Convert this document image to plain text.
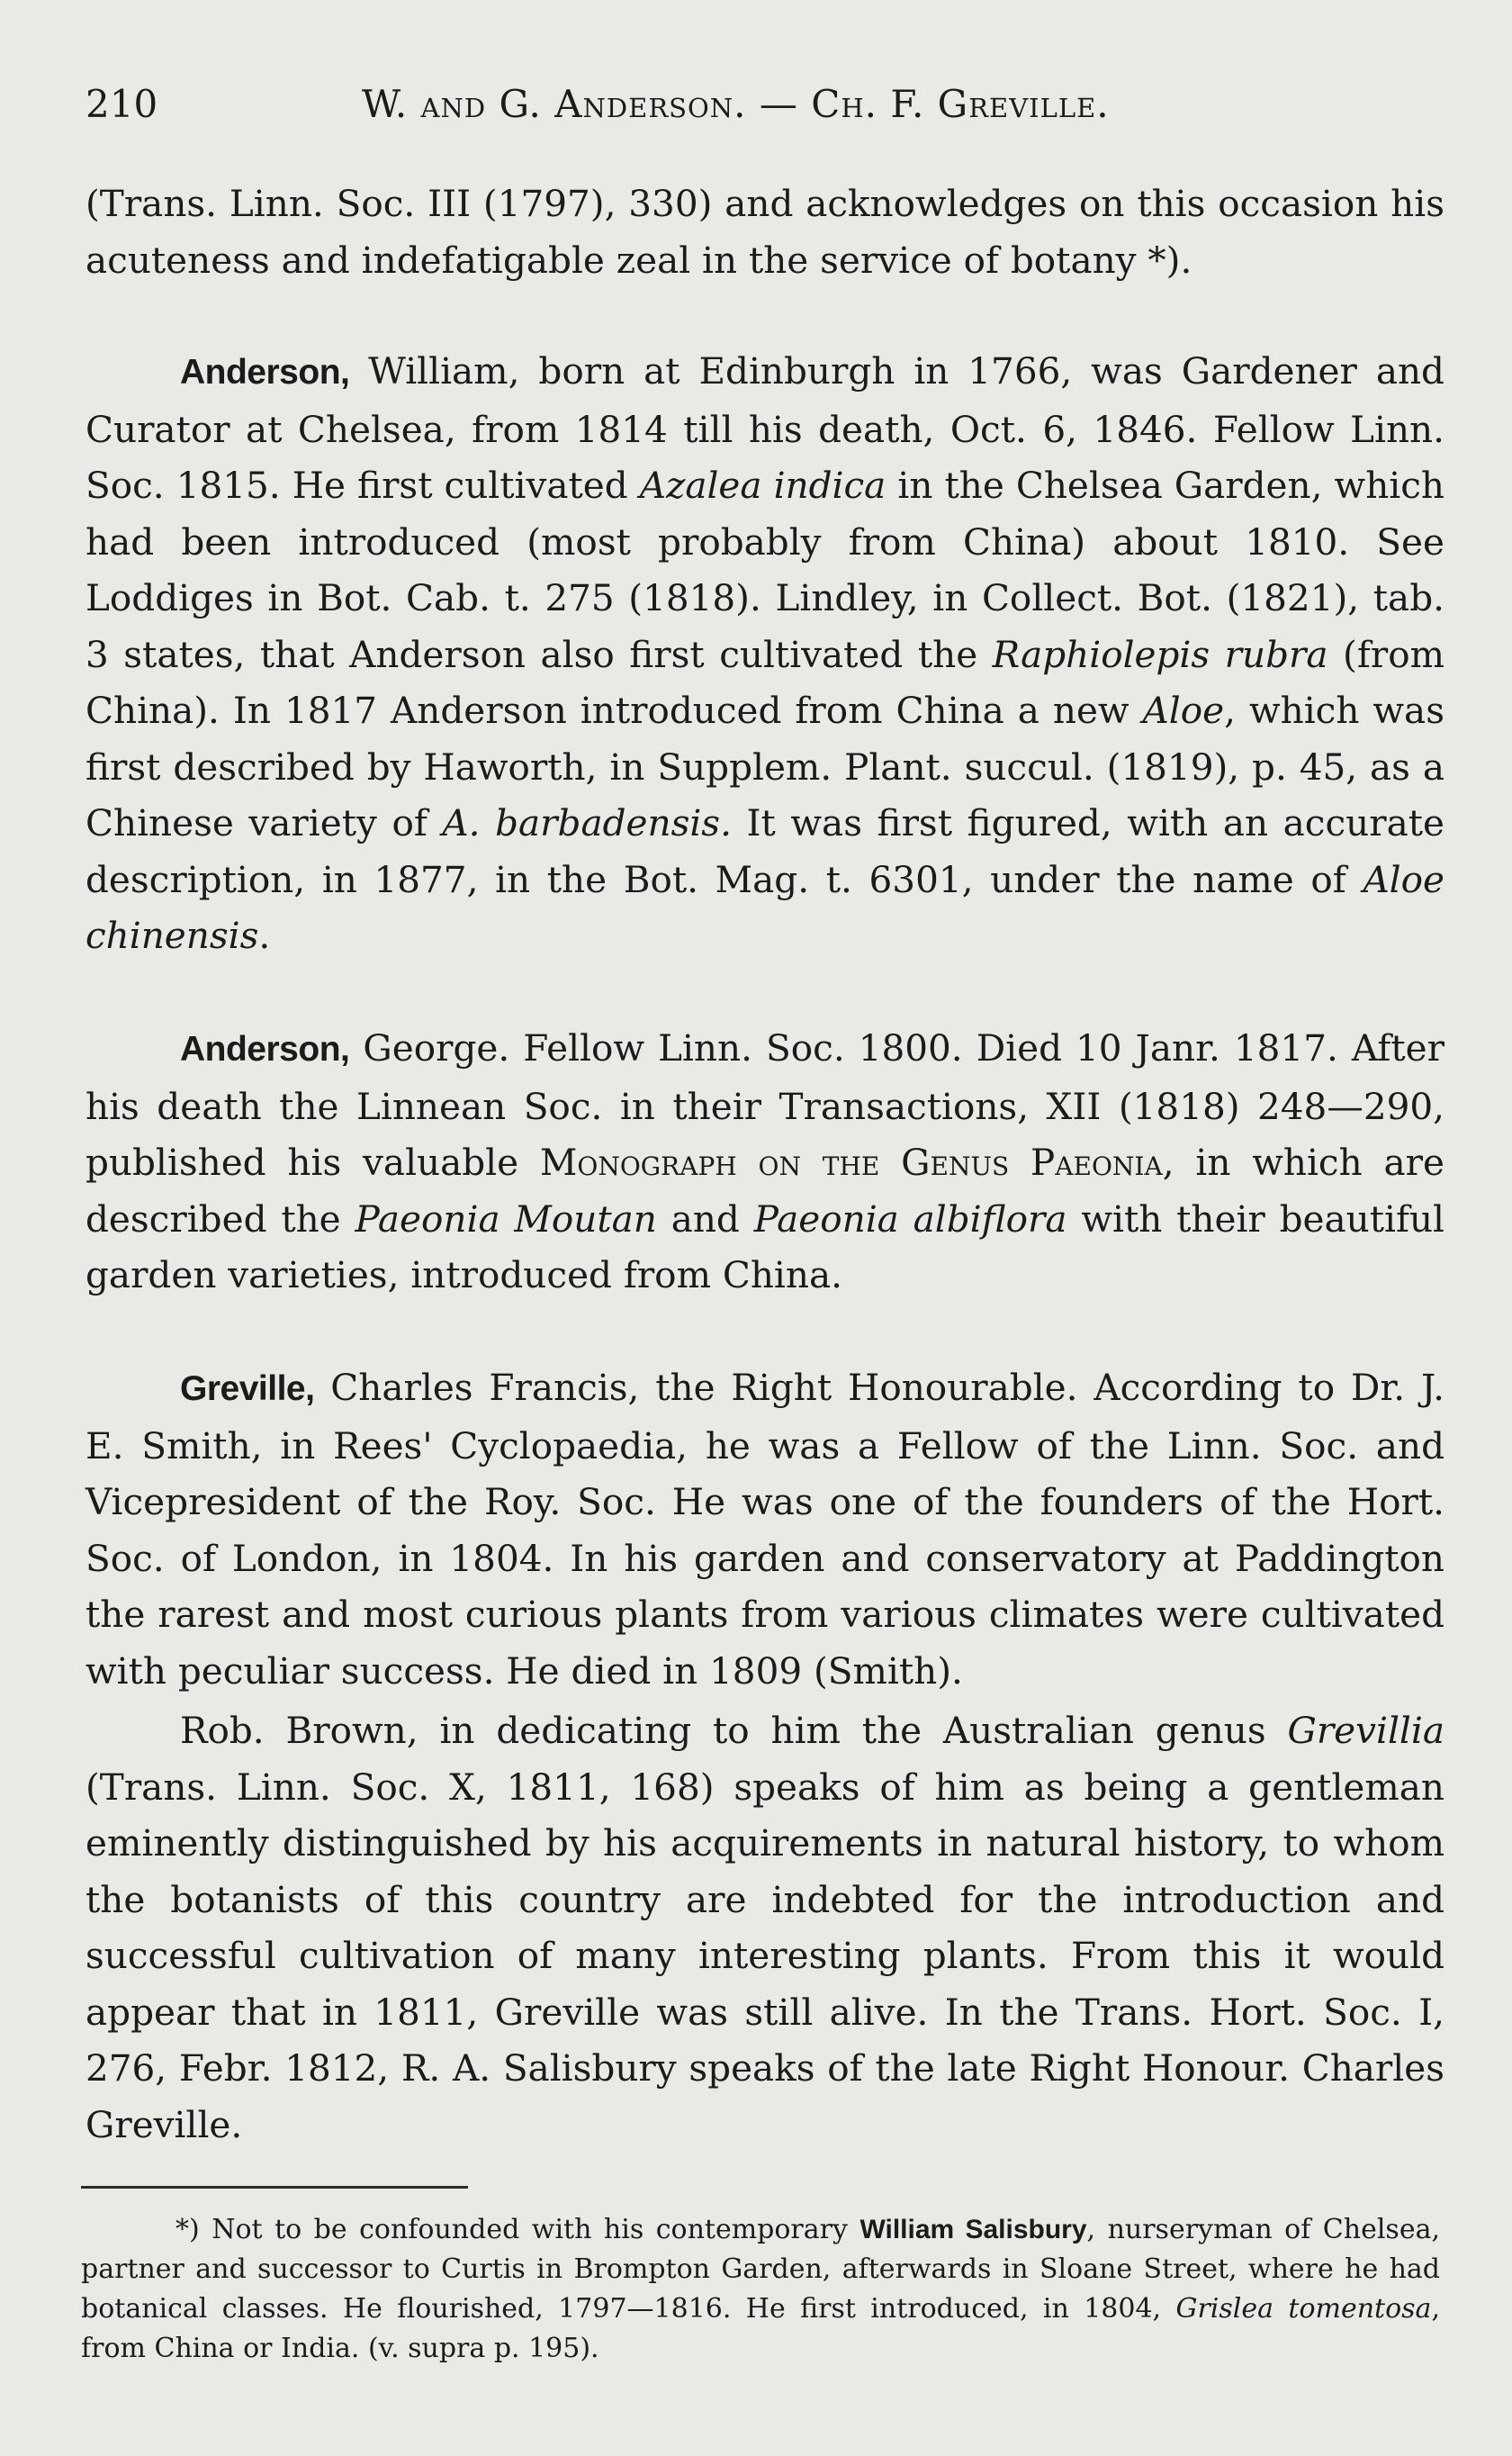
210	W. and G. Anderson. — Ch. F. Greville.

(Trans. Linn. Soc. III (1797), 330) and acknowledges on this occasion his acuteness and indefatigable zeal in the service of botany *).

Anderson, William, born at Edinburgh in 1766, was Gardener and Curator at Chelsea, from 1814 till his death, Oct. 6, 1846. Fellow Linn. Soc. 1815. He first cultivated Azalea indica in the Chelsea Garden, which had been introduced (most probably from China) about 1810. See Loddiges in Bot. Cab. t. 275 (1818). Lindley, in Collect. Bot. (1821), tab. 3 states, that Anderson also first cultivated the Raphiolepis rubra (from China). In 1817 Anderson introduced from China a new Aloe, which was first described by Haworth, in Supplem. Plant. succul. (1819), p. 45, as a Chinese variety of A. barbadensis. It was first figured, with an accurate description, in 1877, in the Bot. Mag. t. 6301, under the name of Aloe chinensis.

Anderson, George. Fellow Linn. Soc. 1800. Died 10 Janr. 1817. After his death the Linnean Soc. in their Transactions, XII (1818) 248—290, published his valuable Monograph on the Genus Paeonia, in which are described the Paeonia Moutan and Paeonia albiflora with their beautiful garden varieties, introduced from China.

Greville, Charles Francis, the Right Honourable. According to Dr. J. E. Smith, in Rees' Cyclopaedia, he was a Fellow of the Linn. Soc. and Vicepresident of the Roy. Soc. He was one of the founders of the Hort. Soc. of London, in 1804. In his garden and conservatory at Paddington the rarest and most curious plants from various climates were cultivated with peculiar success. He died in 1809 (Smith).

Rob. Brown, in dedicating to him the Australian genus Grevillia (Trans. Linn. Soc. X, 1811, 168) speaks of him as being a gentleman eminently distinguished by his acquirements in natural history, to whom the botanists of this country are indebted for the introduction and successful cultivation of many interesting plants. From this it would appear that in 1811, Greville was still alive. In the Trans. Hort. Soc. I, 276, Febr. 1812, R. A. Salisbury speaks of the late Right Honour. Charles Greville.

*) Not to be confounded with his contemporary William Salisbury, nurseryman of Chelsea, partner and successor to Curtis in Brompton Garden, afterwards in Sloane Street, where he had botanical classes. He flourished, 1797—1816. He first introduced, in 1804, Grislea tomentosa, from China or India. (v. supra p. 195).
